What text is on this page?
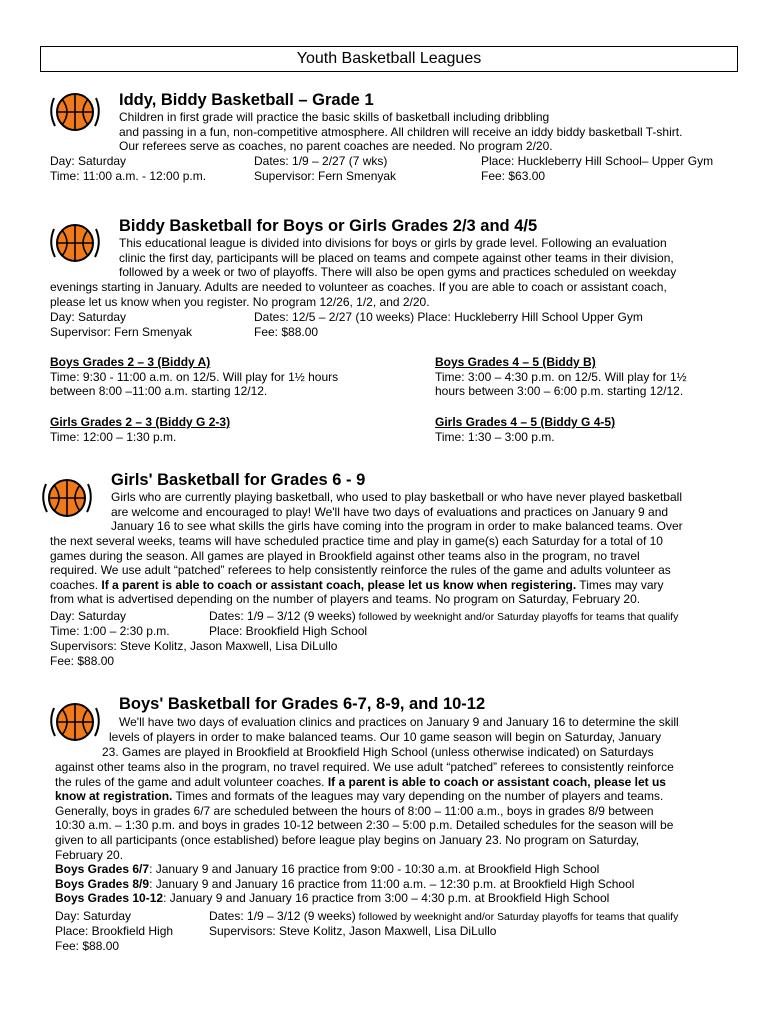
Youth Basketball Leagues
Iddy, Biddy Basketball – Grade 1
Children in first grade will practice the basic skills of basketball including dribbling
and passing in a fun, non-competitive atmosphere. All children will receive an iddy biddy basketball T-shirt.
Our referees serve as coaches, no parent coaches are needed. No program 2/20.
Day: Saturday	Dates: 1/9 – 2/27 (7 wks)	Place: Huckleberry Hill School– Upper Gym
Time: 11:00 a.m. - 12:00 p.m.	Supervisor: Fern Smenyak	Fee: $63.00
Biddy Basketball for Boys or Girls Grades 2/3 and 4/5
This educational league is divided into divisions for boys or girls by grade level. Following an evaluation
clinic the first day, participants will be placed on teams and compete against other teams in their division,
followed by a week or two of playoffs. There will also be open gyms and practices scheduled on weekday
evenings starting in January. Adults are needed to volunteer as coaches. If you are able to coach or assistant coach,
please let us know when you register. No program 12/26, 1/2, and 2/20.
Day: Saturday	Dates: 12/5 – 2/27 (10 weeks) Place: Huckleberry Hill School Upper Gym
Supervisor: Fern Smenyak	Fee: $88.00
Boys Grades 2 – 3 (Biddy A)
Time: 9:30 - 11:00 a.m. on 12/5. Will play for 1½ hours
between 8:00 –11:00 a.m. starting 12/12.
Boys Grades 4 – 5 (Biddy B)
Time: 3:00 – 4:30 p.m. on 12/5. Will play for 1½
hours between 3:00 – 6:00 p.m. starting 12/12.
Girls Grades 2 – 3 (Biddy G 2-3)
Time: 12:00 – 1:30 p.m.
Girls Grades 4 – 5 (Biddy G 4-5)
Time: 1:30 – 3:00 p.m.
Girls' Basketball for Grades 6 - 9
Girls who are currently playing basketball, who used to play basketball or who have never played basketball
are welcome and encouraged to play! We'll have two days of evaluations and practices on January 9 and
January 16 to see what skills the girls have coming into the program in order to make balanced teams. Over
the next several weeks, teams will have scheduled practice time and play in game(s) each Saturday for a total of 10
games during the season. All games are played in Brookfield against other teams also in the program, no travel
required. We use adult “patched” referees to help consistently reinforce the rules of the game and adults volunteer as
coaches. If a parent is able to coach or assistant coach, please let us know when registering. Times may vary
from what is advertised depending on the number of players and teams. No program on Saturday, February 20.
Day: Saturday	Dates: 1/9 – 3/12 (9 weeks) followed by weeknight and/or Saturday playoffs for teams that qualify
Time: 1:00 – 2:30 p.m.	Place: Brookfield High School
Supervisors: Steve Kolitz, Jason Maxwell, Lisa DiLullo
Fee: $88.00
Boys' Basketball for Grades 6-7, 8-9, and 10-12
We'll have two days of evaluation clinics and practices on January 9 and January 16 to determine the skill
levels of players in order to make balanced teams. Our 10 game season will begin on Saturday, January
23. Games are played in Brookfield at Brookfield High School (unless otherwise indicated) on Saturdays
against other teams also in the program, no travel required. We use adult “patched” referees to consistently reinforce
the rules of the game and adult volunteer coaches. If a parent is able to coach or assistant coach, please let us
know at registration. Times and formats of the leagues may vary depending on the number of players and teams.
Generally, boys in grades 6/7 are scheduled between the hours of 8:00 – 11:00 a.m., boys in grades 8/9 between
10:30 a.m. – 1:30 p.m. and boys in grades 10-12 between 2:30 – 5:00 p.m. Detailed schedules for the season will be
given to all participants (once established) before league play begins on January 23. No program on Saturday,
February 20.
Boys Grades 6/7: January 9 and January 16 practice from 9:00 - 10:30 a.m. at Brookfield High School
Boys Grades 8/9: January 9 and January 16 practice from 11:00 a.m. – 12:30 p.m. at Brookfield High School
Boys Grades 10-12: January 9 and January 16 practice from 3:00 – 4:30 p.m. at Brookfield High School
Day: Saturday	Dates: 1/9 – 3/12 (9 weeks) followed by weeknight and/or Saturday playoffs for teams that qualify
Place: Brookfield High	Supervisors: Steve Kolitz, Jason Maxwell, Lisa DiLullo
Fee: $88.00
